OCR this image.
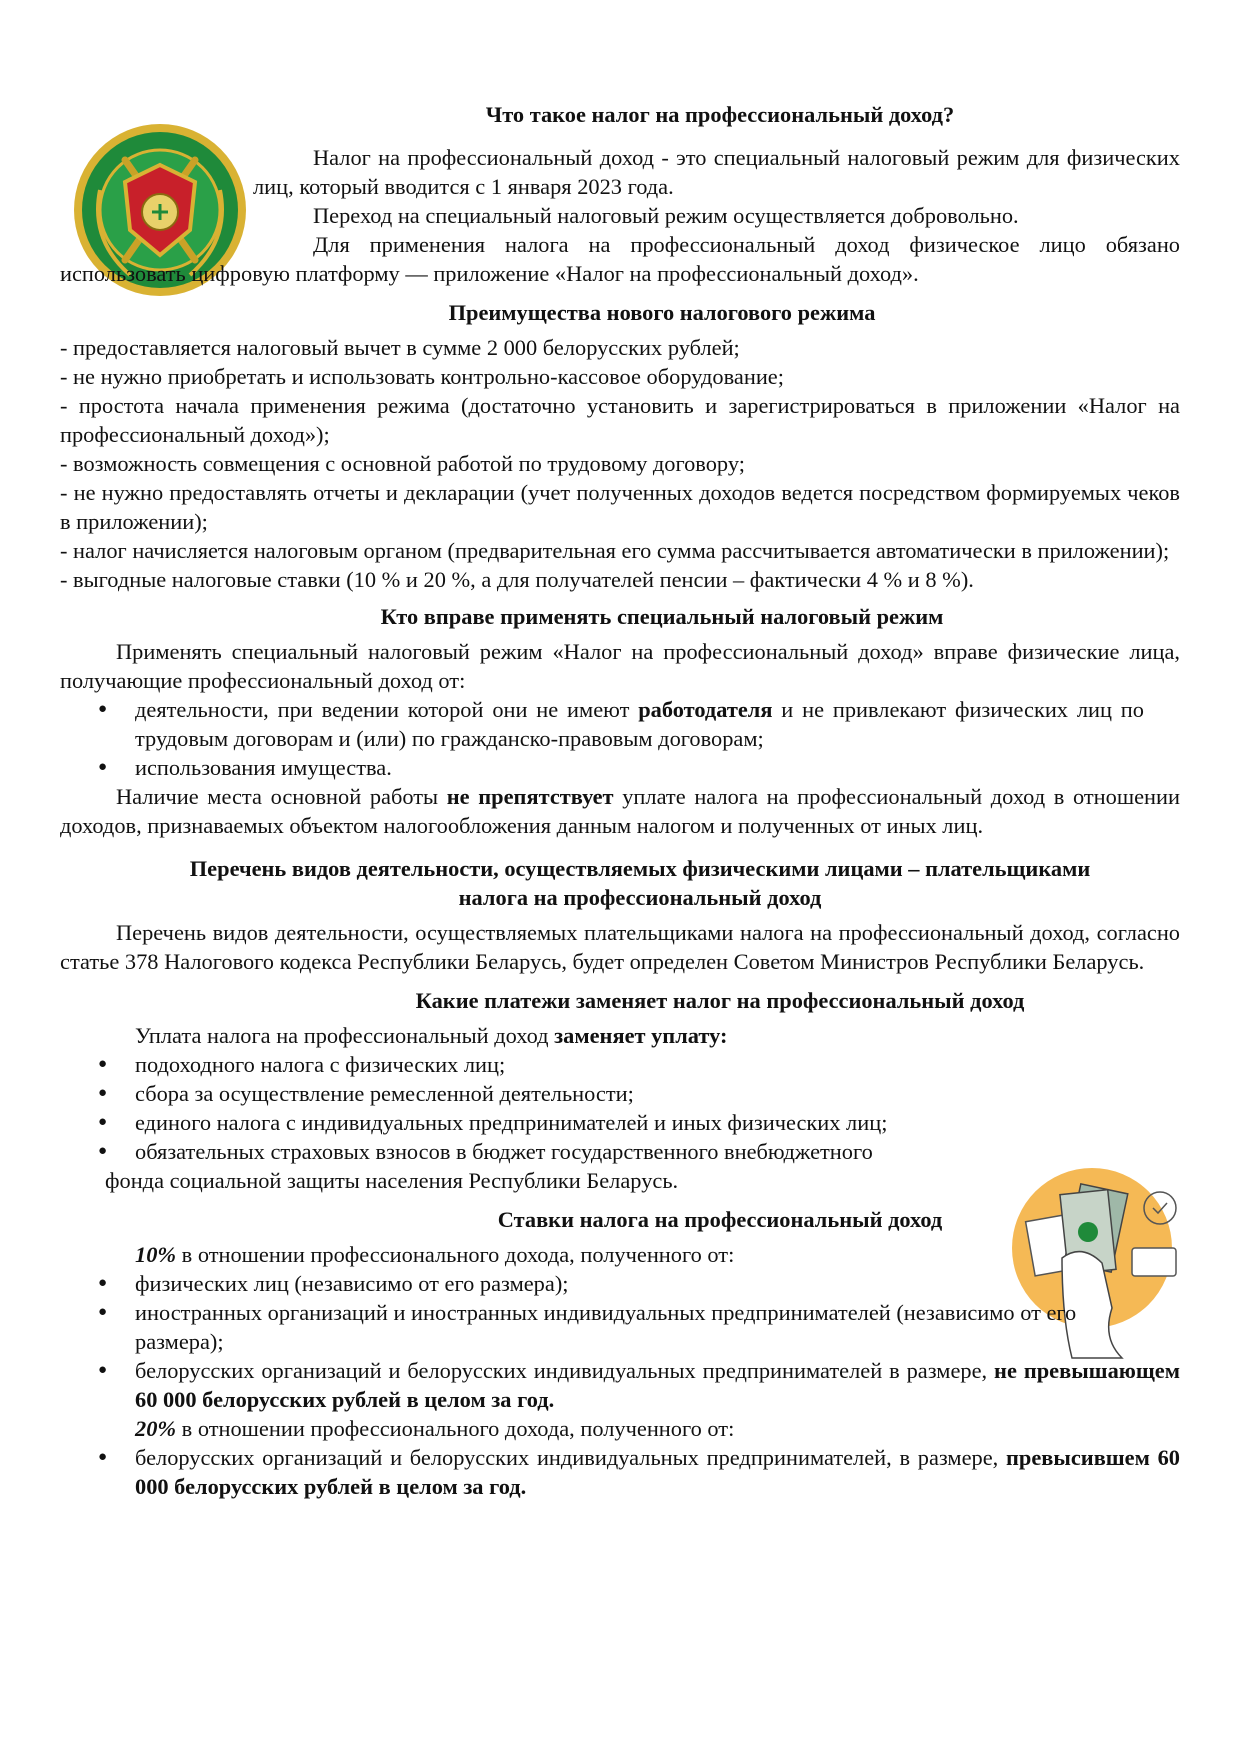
Что такое налог на профессиональный доход?

Налог на профессиональный доход - это специальный налоговый режим для физических лиц, который вводится с 1 января 2023 года.

Переход на специальный налоговый режим осуществляется добровольно.

Для применения налога на профессиональный доход физическое лицо обязано использовать цифровую платформу — приложение «Налог на профессиональный доход».

Преимущества нового налогового режима

- предоставляется налоговый вычет в сумме 2 000 белорусских рублей;

- не нужно приобретать и использовать контрольно-кассовое оборудование;

- простота начала применения режима (достаточно установить и зарегистрироваться в приложении «Налог на профессиональный доход»);

- возможность совмещения с основной работой по трудовому договору;

- не нужно предоставлять отчеты и декларации (учет полученных доходов ведется посредством формируемых чеков в приложении);

- налог начисляется налоговым органом (предварительная его сумма рассчитывается автоматически в приложении);

- выгодные налоговые ставки (10 % и 20 %, а для получателей пенсии – фактически 4 % и 8 %).

Кто вправе применять специальный налоговый режим

Применять специальный налоговый режим «Налог на профессиональный доход» вправе физические лица, получающие профессиональный доход от:

● деятельности, при ведении которой они не имеют работодателя и не привлекают физических лиц по трудовым договорам и (или) по гражданско-правовым договорам;
● использования имущества.

Наличие места основной работы не препятствует уплате налога на профессиональный доход в отношении доходов, признаваемых объектом налогообложения данным налогом и полученных от иных лиц.

Перечень видов деятельности, осуществляемых физическими лицами – плательщиками налога на профессиональный доход

Перечень видов деятельности, осуществляемых плательщиками налога на профессиональный доход, согласно статье 378 Налогового кодекса Республики Беларусь, будет определен Советом Министров Республики Беларусь.

Какие платежи заменяет налог на профессиональный доход

Уплата налога на профессиональный доход заменяет уплату:

● подоходного налога с физических лиц;
● сбора за осуществление ремесленной деятельности;
● единого налога с индивидуальных предпринимателей и иных физических лиц;
● обязательных страховых взносов в бюджет государственного внебюджетного

фонда социальной защиты населения Республики Беларусь.

Ставки налога на профессиональный доход

10% в отношении профессионального дохода, полученного от:

● физических лиц (независимо от его размера);
● иностранных организаций и иностранных индивидуальных предпринимателей (независимо от его размера);
● белорусских организаций и белорусских индивидуальных предпринимателей в размере, не превышающем 60 000 белорусских рублей в целом за год.

20% в отношении профессионального дохода, полученного от:

● белорусских организаций и белорусских индивидуальных предпринимателей, в размере, превысившем 60 000 белорусских рублей в целом за год.
